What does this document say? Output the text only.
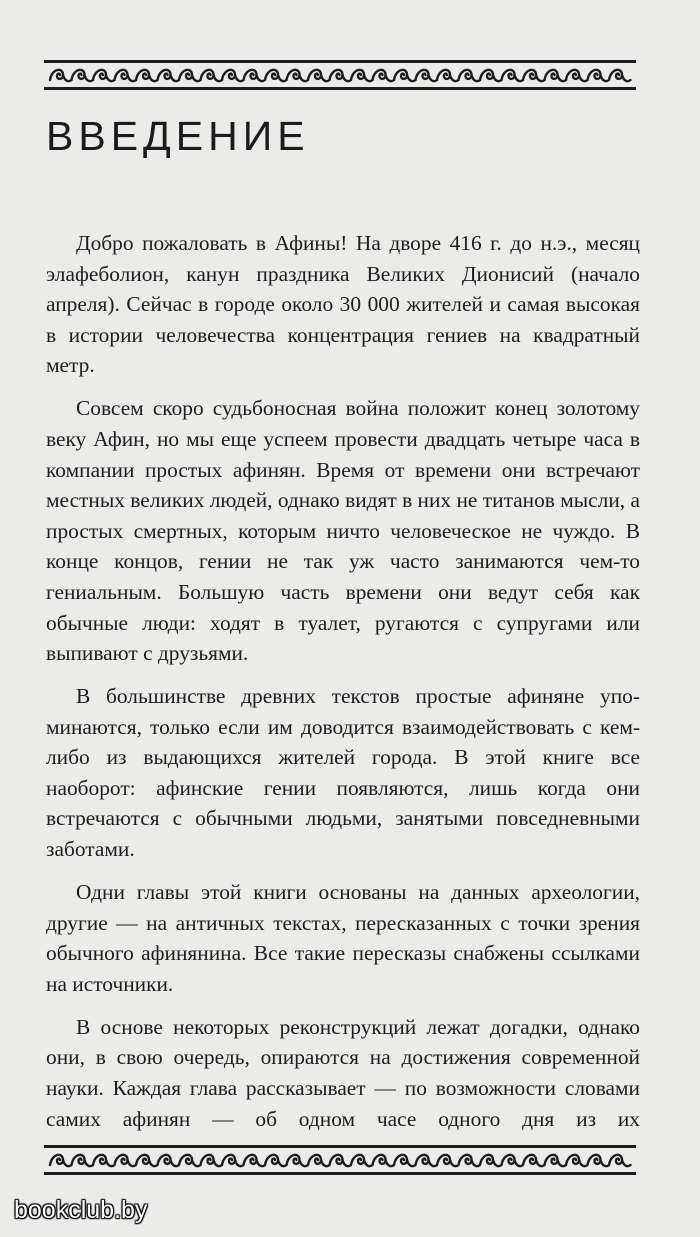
ВВЕДЕНИЕ

Добро пожаловать в Афины! На дворе 416 г. до н.э., месяц элафеболион, канун праздника Великих Дионисий (начало апреля). Сейчас в городе около 30 000 жителей и самая высокая в истории человечества концентрация гениев на квадратный метр.

Совсем скоро судьбоносная война положит конец золотому веку Афин, но мы еще успеем провести двадцать четыре часа в компании простых афинян. Время от времени они встречают местных великих людей, однако видят в них не титанов мысли, а простых смертных, которым ничто человеческое не чуждо. В конце концов, гении не так уж часто занимаются чем-то гениальным. Большую часть времени они ведут себя как обычные люди: ходят в туалет, ругаются с супругами или выпивают с друзьями.

В большинстве древних текстов простые афиняне упоминаются, только если им доводится взаимодействовать с кем-либо из выдающихся жителей города. В этой книге все наоборот: афинские гении появляются, лишь когда они встречаются с обычными людьми, занятыми повседневными заботами.

Одни главы этой книги основаны на данных археологии, другие — на античных текстах, пересказанных с точки зрения обычного афинянина. Все такие пересказы снабжены ссылками на источники.

В основе некоторых реконструкций лежат догадки, однако они, в свою очередь, опираются на достижения современной науки. Каждая глава рассказывает — по возможности словами самих афинян — об одном часе одного дня из их

bookclub.by
